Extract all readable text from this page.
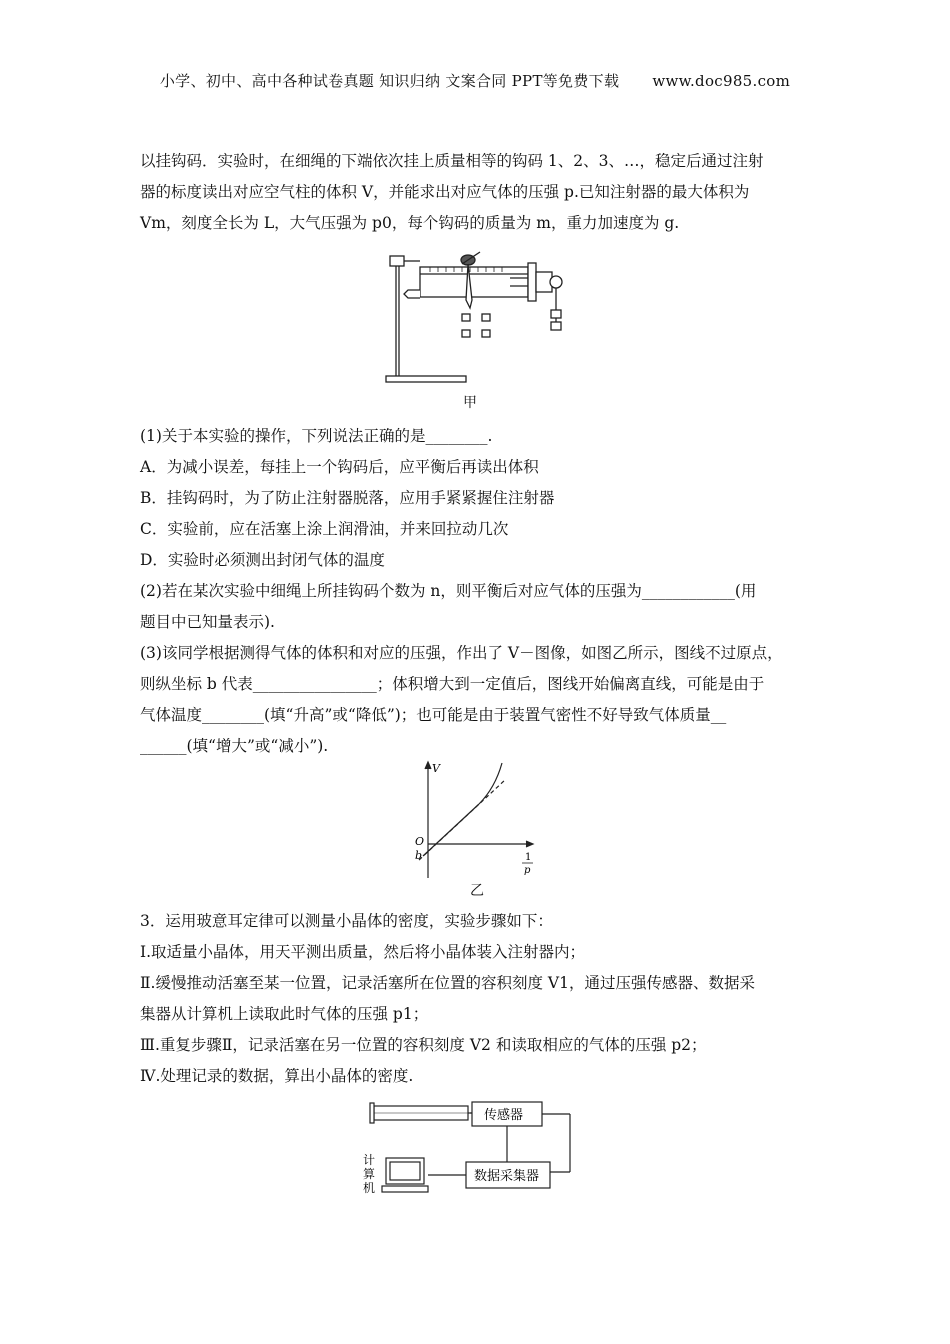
小学、初中、高中各种试卷真题 知识归纳 文案合同 PPT等免费下载 www.doc985.com
以挂钩码．实验时，在细绳的下端依次挂上质量相等的钩码 1、2、3、…，稳定后通过注射
器的标度读出对应空气柱的体积 V，并能求出对应气体的压强 p.已知注射器的最大体积为
Vm，刻度全长为 L，大气压强为 p0，每个钩码的质量为 m，重力加速度为 g.
甲
(1)关于本实验的操作，下列说法正确的是________.
A．为减小误差，每挂上一个钩码后，应平衡后再读出体积
B．挂钩码时，为了防止注射器脱落，应用手紧紧握住注射器
C．实验前，应在活塞上涂上润滑油，并来回拉动几次
D．实验时必须测出封闭气体的温度
(2)若在某次实验中细绳上所挂钩码个数为 n，则平衡后对应气体的压强为____________(用
题目中已知量表示).
(3)该同学根据测得气体的体积和对应的压强，作出了 V－图像，如图乙所示，图线不过原点，
则纵坐标 b 代表________________；体积增大到一定值后，图线开始偏离直线，可能是由于
气体温度________(填“升高”或“降低”)；也可能是由于装置气密性不好导致气体质量__
______(填“增大”或“减小”).
V
O
b	1
p
乙
3．运用玻意耳定律可以测量小晶体的密度，实验步骤如下：
Ⅰ.取适量小晶体，用天平测出质量，然后将小晶体装入注射器内；
Ⅱ.缓慢推动活塞至某一位置，记录活塞所在位置的容积刻度 V1，通过压强传感器、数据采
集器从计算机上读取此时气体的压强 p1；
Ⅲ.重复步骤Ⅱ，记录活塞在另一位置的容积刻度 V2 和读取相应的气体的压强 p2；
Ⅳ.处理记录的数据，算出小晶体的密度.
传感器
数据采集器
计
算
机
